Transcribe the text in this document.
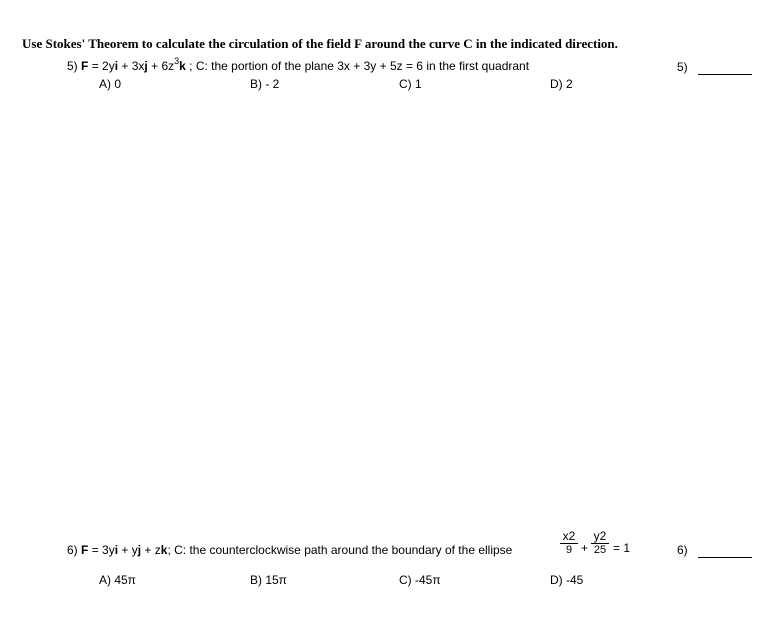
Use Stokes' Theorem to calculate the circulation of the field F around the curve C in the indicated direction.
5) $F = 2yi + 3xj + 6z^3k$ ; C: the portion of the plane 3x + 3y + 5z = 6 in the first quadrant	5)
A) 0	B) - 2	C) 1	D) 2
6) F = 3yi + yj + zk; C: the counterclockwise path around the boundary of the ellipse
x2
9 +
y2
25 = 1	6)
A) 45π	B) 15π	C) -45π	D) -45
